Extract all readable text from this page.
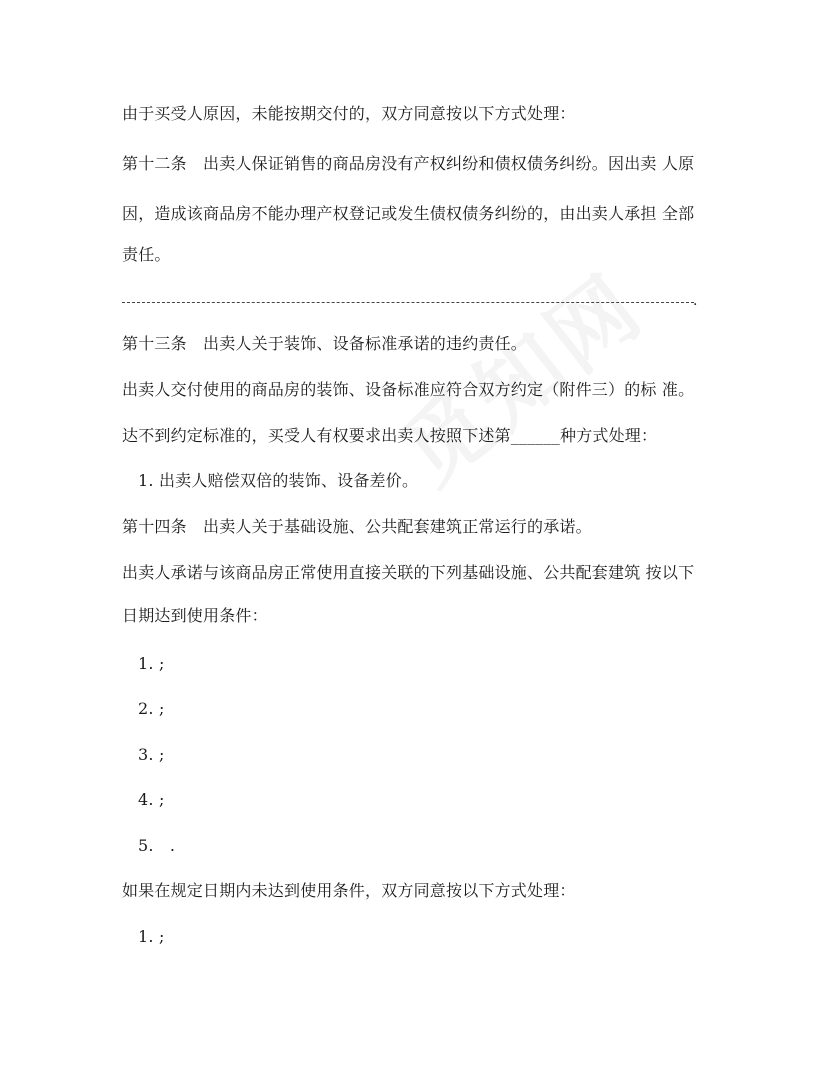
由于买受人原因，未能按期交付的，双方同意按以下方式处理：
第十二条　出卖人保证销售的商品房没有产权纠纷和债权债务纠纷。因出卖 人原
因，造成该商品房不能办理产权登记或发生债权债务纠纷的，由出卖人承担 全部
责任。
.
第十三条　出卖人关于装饰、设备标准承诺的违约责任。
出卖人交付使用的商品房的装饰、设备标准应符合双方约定（附件三）的标 准。
达不到约定标准的，买受人有权要求出卖人按照下述第______种方式处理：
1. 出卖人赔偿双倍的装饰、设备差价。
第十四条　出卖人关于基础设施、公共配套建筑正常运行的承诺。
出卖人承诺与该商品房正常使用直接关联的下列基础设施、公共配套建筑 按以下
日期达到使用条件：
1. ;
2. ;
3. ;
4. ;
5.　.
如果在规定日期内未达到使用条件，双方同意按以下方式处理：
1. ;
